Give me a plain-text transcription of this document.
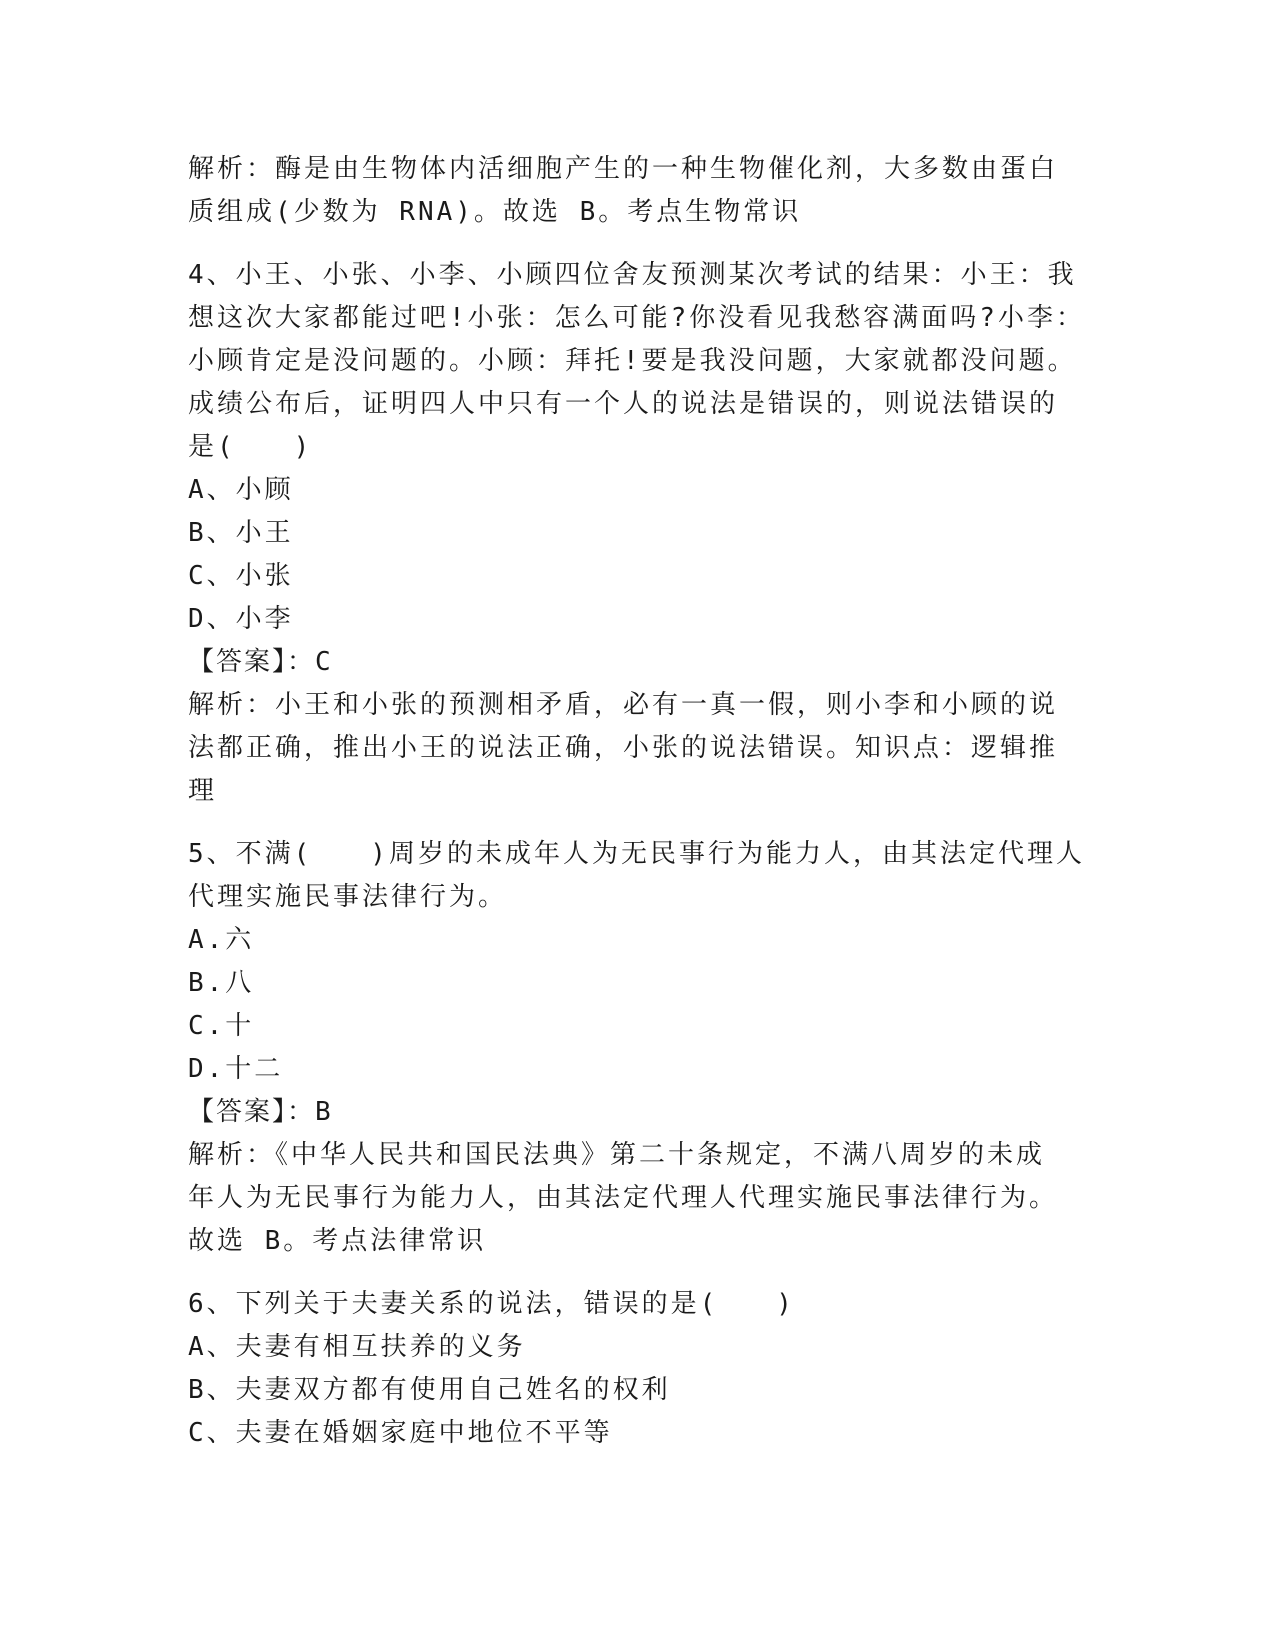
解析：酶是由生物体内活细胞产生的一种生物催化剂，大多数由蛋白
质组成(少数为 RNA)。故选 B。考点生物常识
4、小王、小张、小李、小顾四位舍友预测某次考试的结果：小王：我
想这次大家都能过吧!小张：怎么可能?你没看见我愁容满面吗?小李：
小顾肯定是没问题的。小顾：拜托!要是我没问题，大家就都没问题。
成绩公布后，证明四人中只有一个人的说法是错误的，则说法错误的
是(　　)
A、小顾
B、小王
C、小张
D、小李
【答案】：C
解析：小王和小张的预测相矛盾，必有一真一假，则小李和小顾的说
法都正确，推出小王的说法正确，小张的说法错误。知识点：逻辑推
理
5、不满(　　)周岁的未成年人为无民事行为能力人，由其法定代理人
代理实施民事法律行为。
A.六
B.八
C.十
D.十二
【答案】：B
解析：《中华人民共和国民法典》第二十条规定，不满八周岁的未成
年人为无民事行为能力人，由其法定代理人代理实施民事法律行为。
故选 B。考点法律常识
6、下列关于夫妻关系的说法，错误的是(　　)
A、夫妻有相互扶养的义务
B、夫妻双方都有使用自己姓名的权利
C、夫妻在婚姻家庭中地位不平等
